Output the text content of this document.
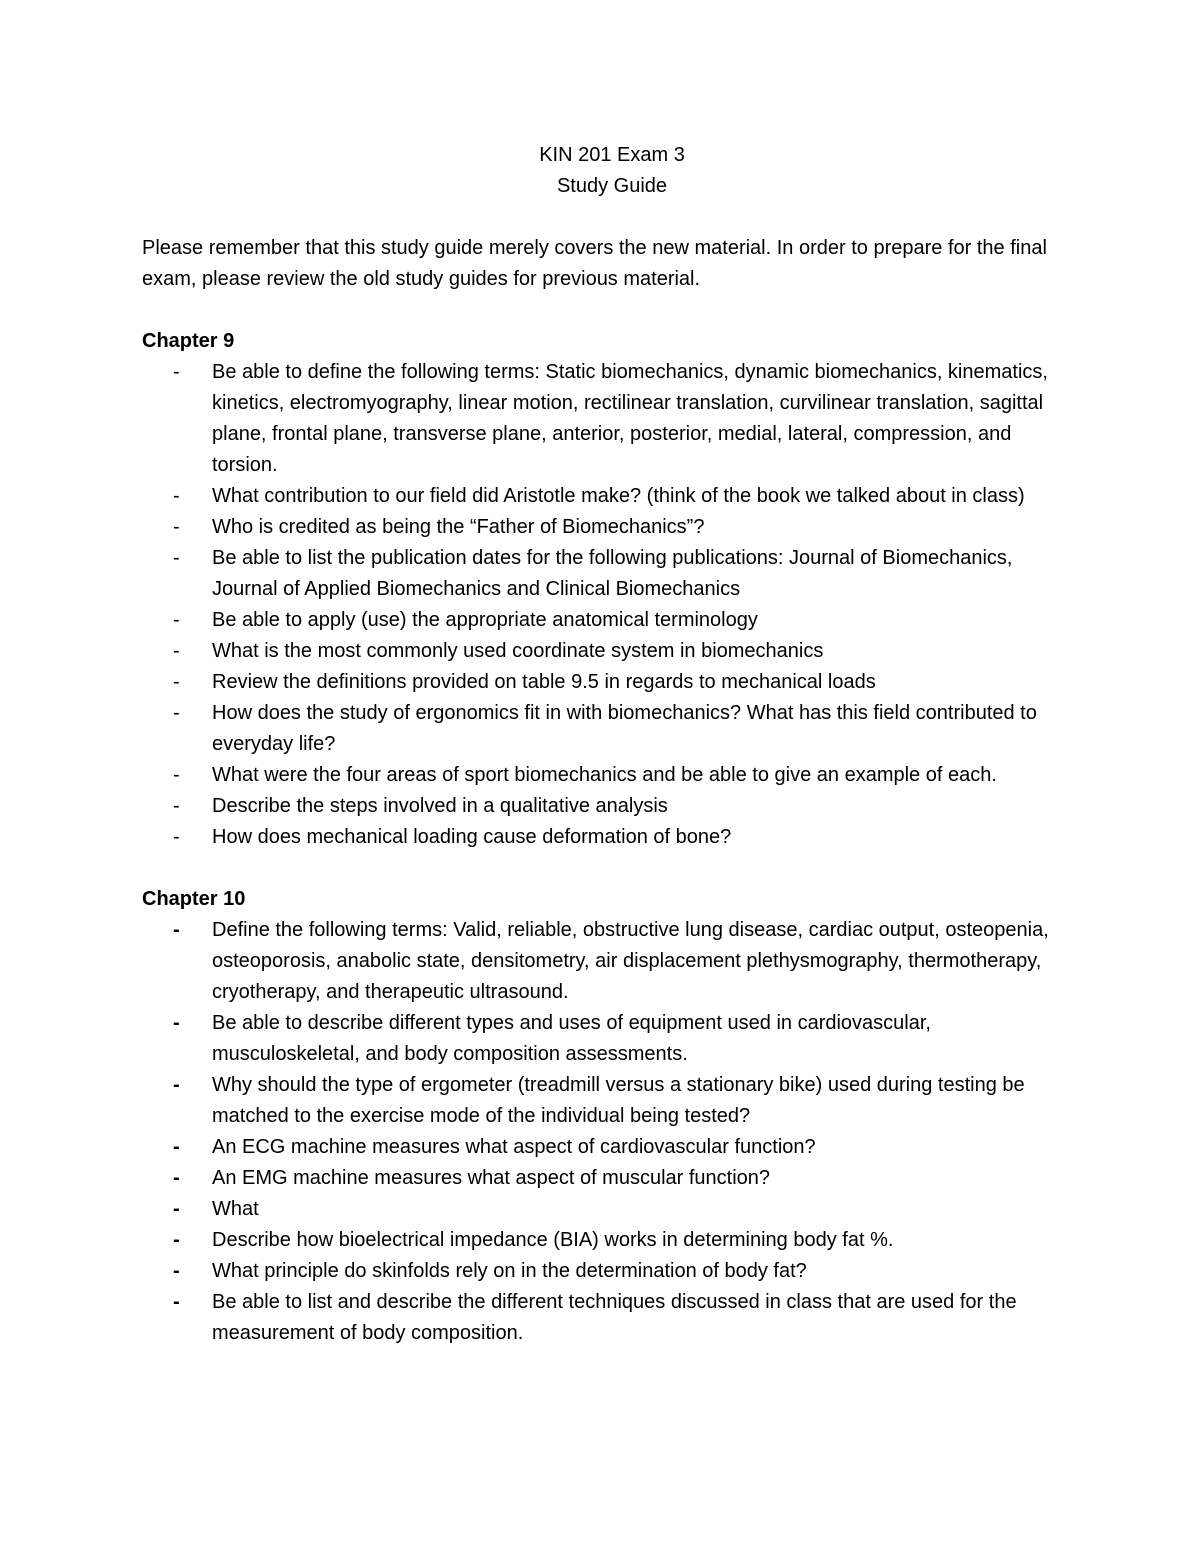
KIN 201 Exam 3

Study Guide

Please remember that this study guide merely covers the new material. In order to prepare for the final exam, please review the old study guides for previous material.

Chapter 9

- Be able to define the following terms: Static biomechanics, dynamic biomechanics, kinematics, kinetics, electromyography, linear motion, rectilinear translation, curvilinear translation, sagittal plane, frontal plane, transverse plane, anterior, posterior, medial, lateral, compression, and torsion.
- What contribution to our field did Aristotle make? (think of the book we talked about in class)
- Who is credited as being the “Father of Biomechanics”?
- Be able to list the publication dates for the following publications: Journal of Biomechanics, Journal of Applied Biomechanics and Clinical Biomechanics
- Be able to apply (use) the appropriate anatomical terminology
- What is the most commonly used coordinate system in biomechanics
- Review the definitions provided on table 9.5 in regards to mechanical loads
- How does the study of ergonomics fit in with biomechanics? What has this field contributed to everyday life?
- What were the four areas of sport biomechanics and be able to give an example of each.
- Describe the steps involved in a qualitative analysis
- How does mechanical loading cause deformation of bone?

Chapter 10

- Define the following terms: Valid, reliable, obstructive lung disease, cardiac output, osteopenia, osteoporosis, anabolic state, densitometry, air displacement plethysmography, thermotherapy, cryotherapy, and therapeutic ultrasound.
- Be able to describe different types and uses of equipment used in cardiovascular, musculoskeletal, and body composition assessments.
- Why should the type of ergometer (treadmill versus a stationary bike) used during testing be matched to the exercise mode of the individual being tested?
- An ECG machine measures what aspect of cardiovascular function?
- An EMG machine measures what aspect of muscular function?
- What
- Describe how bioelectrical impedance (BIA) works in determining body fat %.
- What principle do skinfolds rely on in the determination of body fat?
- Be able to list and describe the different techniques discussed in class that are used for the measurement of body composition.
